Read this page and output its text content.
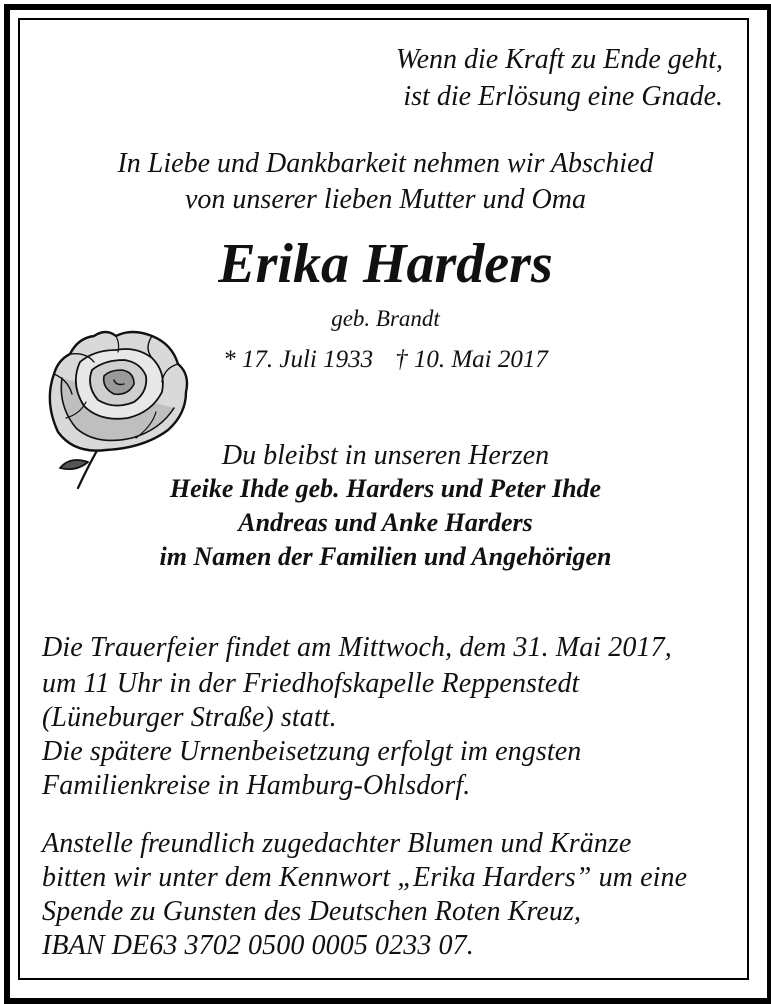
Wenn die Kraft zu Ende geht,
ist die Erlösung eine Gnade.
In Liebe und Dankbarkeit nehmen wir Abschied
von unserer lieben Mutter und Oma
Erika Harders
geb. Brandt
* 17. Juli 1933 † 10. Mai 2017
Du bleibst in unseren Herzen
Heike Ihde geb. Harders und Peter Ihde
Andreas und Anke Harders
im Namen der Familien und Angehörigen
Die Trauerfeier findet am Mittwoch, dem 31. Mai 2017,
um 11 Uhr in der Friedhofskapelle Reppenstedt
(Lüneburger Straße) statt.
Die spätere Urnenbeisetzung erfolgt im engsten
Familienkreise in Hamburg-Ohlsdorf.
Anstelle freundlich zugedachter Blumen und Kränze
bitten wir unter dem Kennwort „Erika Harders” um eine
Spende zu Gunsten des Deutschen Roten Kreuz,
IBAN DE63 3702 0500 0005 0233 07.
